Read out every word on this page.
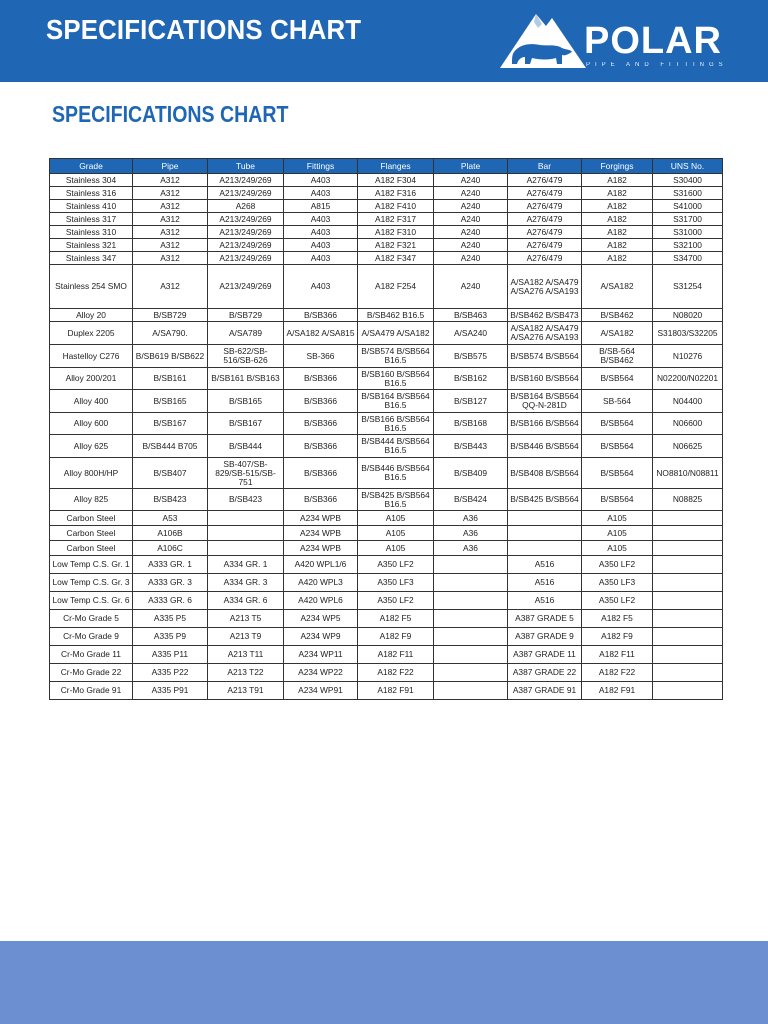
SPECIFICATIONS CHART	POLAR
PIPE AND FITTINGS
SPECIFICATIONS CHART
Grade	Pipe	Tube	Fittings	Flanges	Plate	Bar	Forgings	UNS No.
Stainless 304	A312	A213/249/269	A403	A182 F304	A240	A276/479	A182	S30400
Stainless 316	A312	A213/249/269	A403	A182 F316	A240	A276/479	A182	S31600
Stainless 410	A312	A268	A815	A182 F410	A240	A276/479	A182	S41000
Stainless 317	A312	A213/249/269	A403	A182 F317	A240	A276/479	A182	S31700
Stainless 310	A312	A213/249/269	A403	A182 F310	A240	A276/479	A182	S31000
Stainless 321	A312	A213/249/269	A403	A182 F321	A240	A276/479	A182	S32100
Stainless 347	A312	A213/249/269	A403	A182 F347	A240	A276/479	A182	S34700
Stainless 254 SMO	A312	A213/249/269	A403	A182 F254	A240	A/SA182 A/SA479 A/SA276 A/SA193	A/SA182	S31254
Alloy 20	B/SB729	B/SB729	B/SB366	B/SB462 B16.5	B/SB463	B/SB462 B/SB473	B/SB462	N08020
Duplex 2205	A/SA790.	A/SA789	A/SA182 A/SA815	A/SA479 A/SA182	A/SA240	A/SA182 A/SA479 A/SA276 A/SA193	A/SA182	S31803/S32205
Hastelloy C276	B/SB619 B/SB622	SB-622/SB-516/SB-626	SB-366	B/SB574 B/SB564 B16.5	B/SB575	B/SB574 B/SB564	B/SB-564 B/SB462	N10276
Alloy 200/201	B/SB161	B/SB161 B/SB163	B/SB366	B/SB160 B/SB564 B16.5	B/SB162	B/SB160 B/SB564	B/SB564	N02200/N02201
Alloy 400	B/SB165	B/SB165	B/SB366	B/SB164 B/SB564 B16.5	B/SB127	B/SB164 B/SB564 QQ-N-281D	SB-564	N04400
Alloy 600	B/SB167	B/SB167	B/SB366	B/SB166 B/SB564 B16.5	B/SB168	B/SB166 B/SB564	B/SB564	N06600
Alloy 625	B/SB444 B705	B/SB444	B/SB366	B/SB444 B/SB564 B16.5	B/SB443	B/SB446 B/SB564	B/SB564	N06625
Alloy 800H/HP	B/SB407	SB-407/SB-829/SB-515/SB-751	B/SB366	B/SB446 B/SB564 B16.5	B/SB409	B/SB408 B/SB564	B/SB564	NO8810/N08811
Alloy 825	B/SB423	B/SB423	B/SB366	B/SB425 B/SB564 B16.5	B/SB424	B/SB425 B/SB564	B/SB564	N08825
Carbon Steel	A53		A234 WPB	A105	A36		A105	
Carbon Steel	A106B		A234 WPB	A105	A36		A105	
Carbon Steel	A106C		A234 WPB	A105	A36		A105	
Low Temp C.S. Gr. 1	A333 GR. 1	A334 GR. 1	A420 WPL1/6	A350 LF2		A516	A350 LF2	
Low Temp C.S. Gr. 3	A333 GR. 3	A334 GR. 3	A420 WPL3	A350 LF3		A516	A350 LF3	
Low Temp C.S. Gr. 6	A333 GR. 6	A334 GR. 6	A420 WPL6	A350 LF2		A516	A350 LF2	
Cr-Mo Grade 5	A335 P5	A213 T5	A234 WP5	A182 F5		A387 GRADE 5	A182 F5	
Cr-Mo Grade 9	A335 P9	A213 T9	A234 WP9	A182 F9		A387 GRADE 9	A182 F9	
Cr-Mo Grade 11	A335 P11	A213 T11	A234 WP11	A182 F11		A387 GRADE 11	A182 F11	
Cr-Mo Grade 22	A335 P22	A213 T22	A234 WP22	A182 F22		A387 GRADE 22	A182 F22	
Cr-Mo Grade 91	A335 P91	A213 T91	A234 WP91	A182 F91		A387 GRADE 91	A182 F91	
